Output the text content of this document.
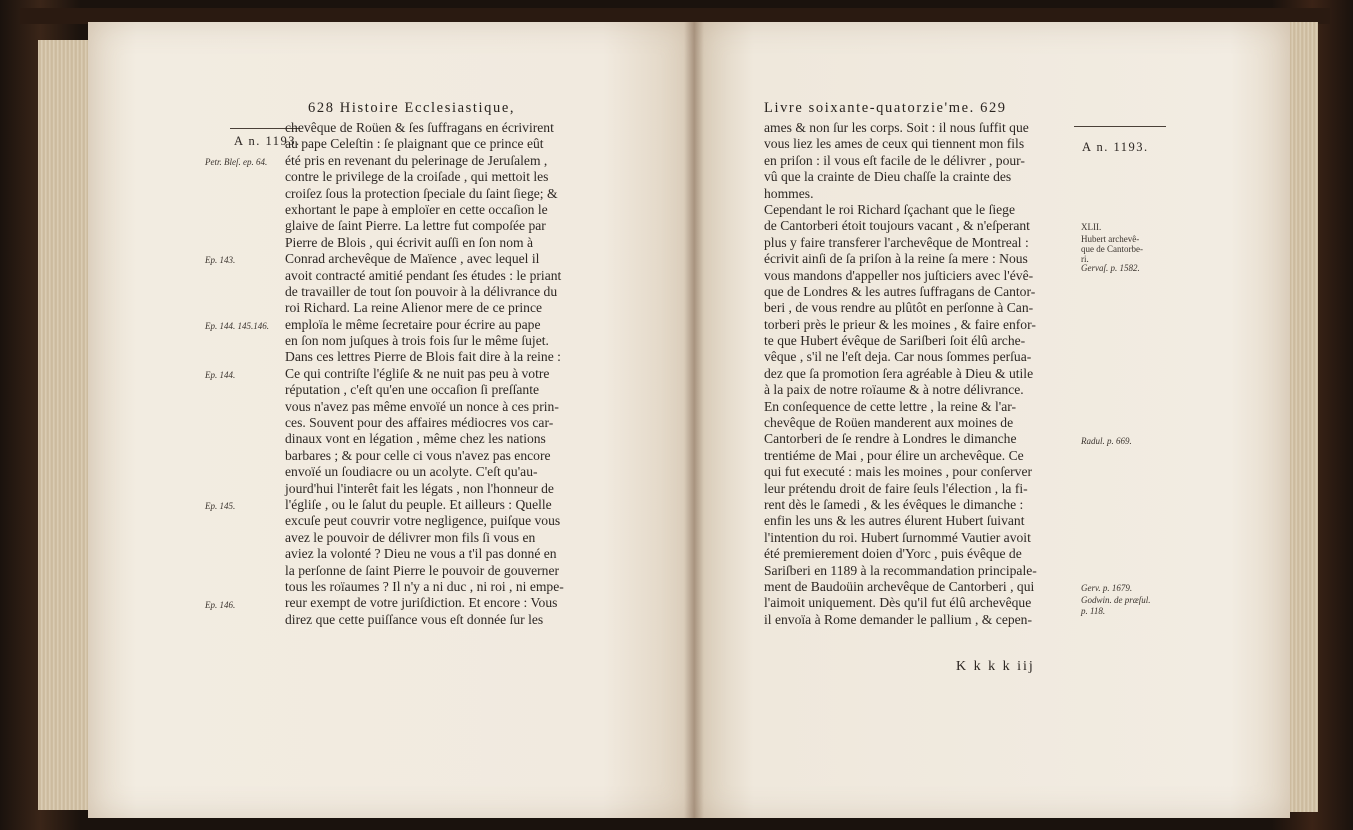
628 Histoire Ecclesiastique,
A n. 1193.
chevêque de Roüen & ſes ſuffragans en écrivirent
au pape Celeſtin : ſe plaignant que ce prince eût
été pris en revenant du pelerinage de Jeruſalem ,
contre le privilege de la croiſade , qui mettoit les
croiſez ſous la protection ſpeciale du ſaint ſiege; &
exhortant le pape à emploïer en cette occaſion le
glaive de ſaint Pierre. La lettre fut compoſée par
Pierre de Blois , qui écrivit auſſi en ſon nom à
Conrad archevêque de Maïence , avec lequel il
avoit contracté amitié pendant ſes études : le priant
de travailler de tout ſon pouvoir à la délivrance du
roi Richard. La reine Alienor mere de ce prince
emploïa le même ſecretaire pour écrire au pape
en ſon nom juſques à trois fois ſur le même ſujet.
Dans ces lettres Pierre de Blois fait dire à la reine :
Ce qui contriſte l'égliſe & ne nuit pas peu à votre
réputation , c'eſt qu'en une occaſion ſi preſſante
vous n'avez pas même envoïé un nonce à ces prin-
ces. Souvent pour des affaires médiocres vos car-
dinaux vont en légation , même chez les nations
barbares ; & pour celle ci vous n'avez pas encore
envoïé un ſoudiacre ou un acolyte. C'eſt qu'au-
jourd'hui l'interêt fait les légats , non l'honneur de
l'égliſe , ou le ſalut du peuple. Et ailleurs : Quelle
excuſe peut couvrir votre negligence, puiſque vous
avez le pouvoir de délivrer mon fils ſi vous en
aviez la volonté ? Dieu ne vous a t'il pas donné en
la perſonne de ſaint Pierre le pouvoir de gouverner
tous les roïaumes ? Il n'y a ni duc , ni roi , ni empe-
reur exempt de votre juriſdiction. Et encore : Vous
direz que cette puiſſance vous eſt donnée ſur les
Petr. Bleſ. ep. 64.
Ep. 143.
Ep. 144. 145.146.
Ep. 144.
Ep. 145.
Ep. 146.
Livre soixante-quatorzie'me. 629
A n. 1193.
ames & non ſur les corps. Soit : il nous ſuffit que
vous liez les ames de ceux qui tiennent mon fils
en priſon : il vous eſt facile de le délivrer , pour-
vû que la crainte de Dieu chaſſe la crainte des
hommes.
Cependant le roi Richard ſçachant que le ſiege
de Cantorberi étoit toujours vacant , & n'eſperant
plus y faire transferer l'archevêque de Montreal :
écrivit ainſi de ſa priſon à la reine ſa mere : Nous
vous mandons d'appeller nos juſticiers avec l'évê-
que de Londres & les autres ſuffragans de Cantor-
beri , de vous rendre au plûtôt en perſonne à Can-
torberi près le prieur & les moines , & faire enfor-
te que Hubert évêque de Sariſberi ſoit élû arche-
vêque , s'il ne l'eſt deja. Car nous ſommes perſua-
dez que ſa promotion ſera agréable à Dieu & utile
à la paix de notre roïaume & à notre délivrance.
En conſequence de cette lettre , la reine & l'ar-
chevêque de Roüen manderent aux moines de
Cantorberi de ſe rendre à Londres le dimanche
trentiéme de Mai , pour élire un archevêque. Ce
qui fut executé : mais les moines , pour conſerver
leur prétendu droit de faire ſeuls l'élection , la fi-
rent dès le ſamedi , & les évêques le dimanche :
enfin les uns & les autres élurent Hubert ſuivant
l'intention du roi. Hubert ſurnommé Vautier avoit
été premierement doien d'Yorc , puis évêque de
Sariſberi en 1189 à la recommandation principale-
ment de Baudoüin archevêque de Cantorberi , qui
l'aimoit uniquement. Dès qu'il fut élû archevêque
il envoïa à Rome demander le pallium , & cepen-
XLII.
Hubert archevê-
que de Cantorbe-
ri.
Gervaſ. p. 1582.
Radul. p. 669.
Gerv. p. 1679.
Godwin. de præſul.
p. 118.
K k k k iij
